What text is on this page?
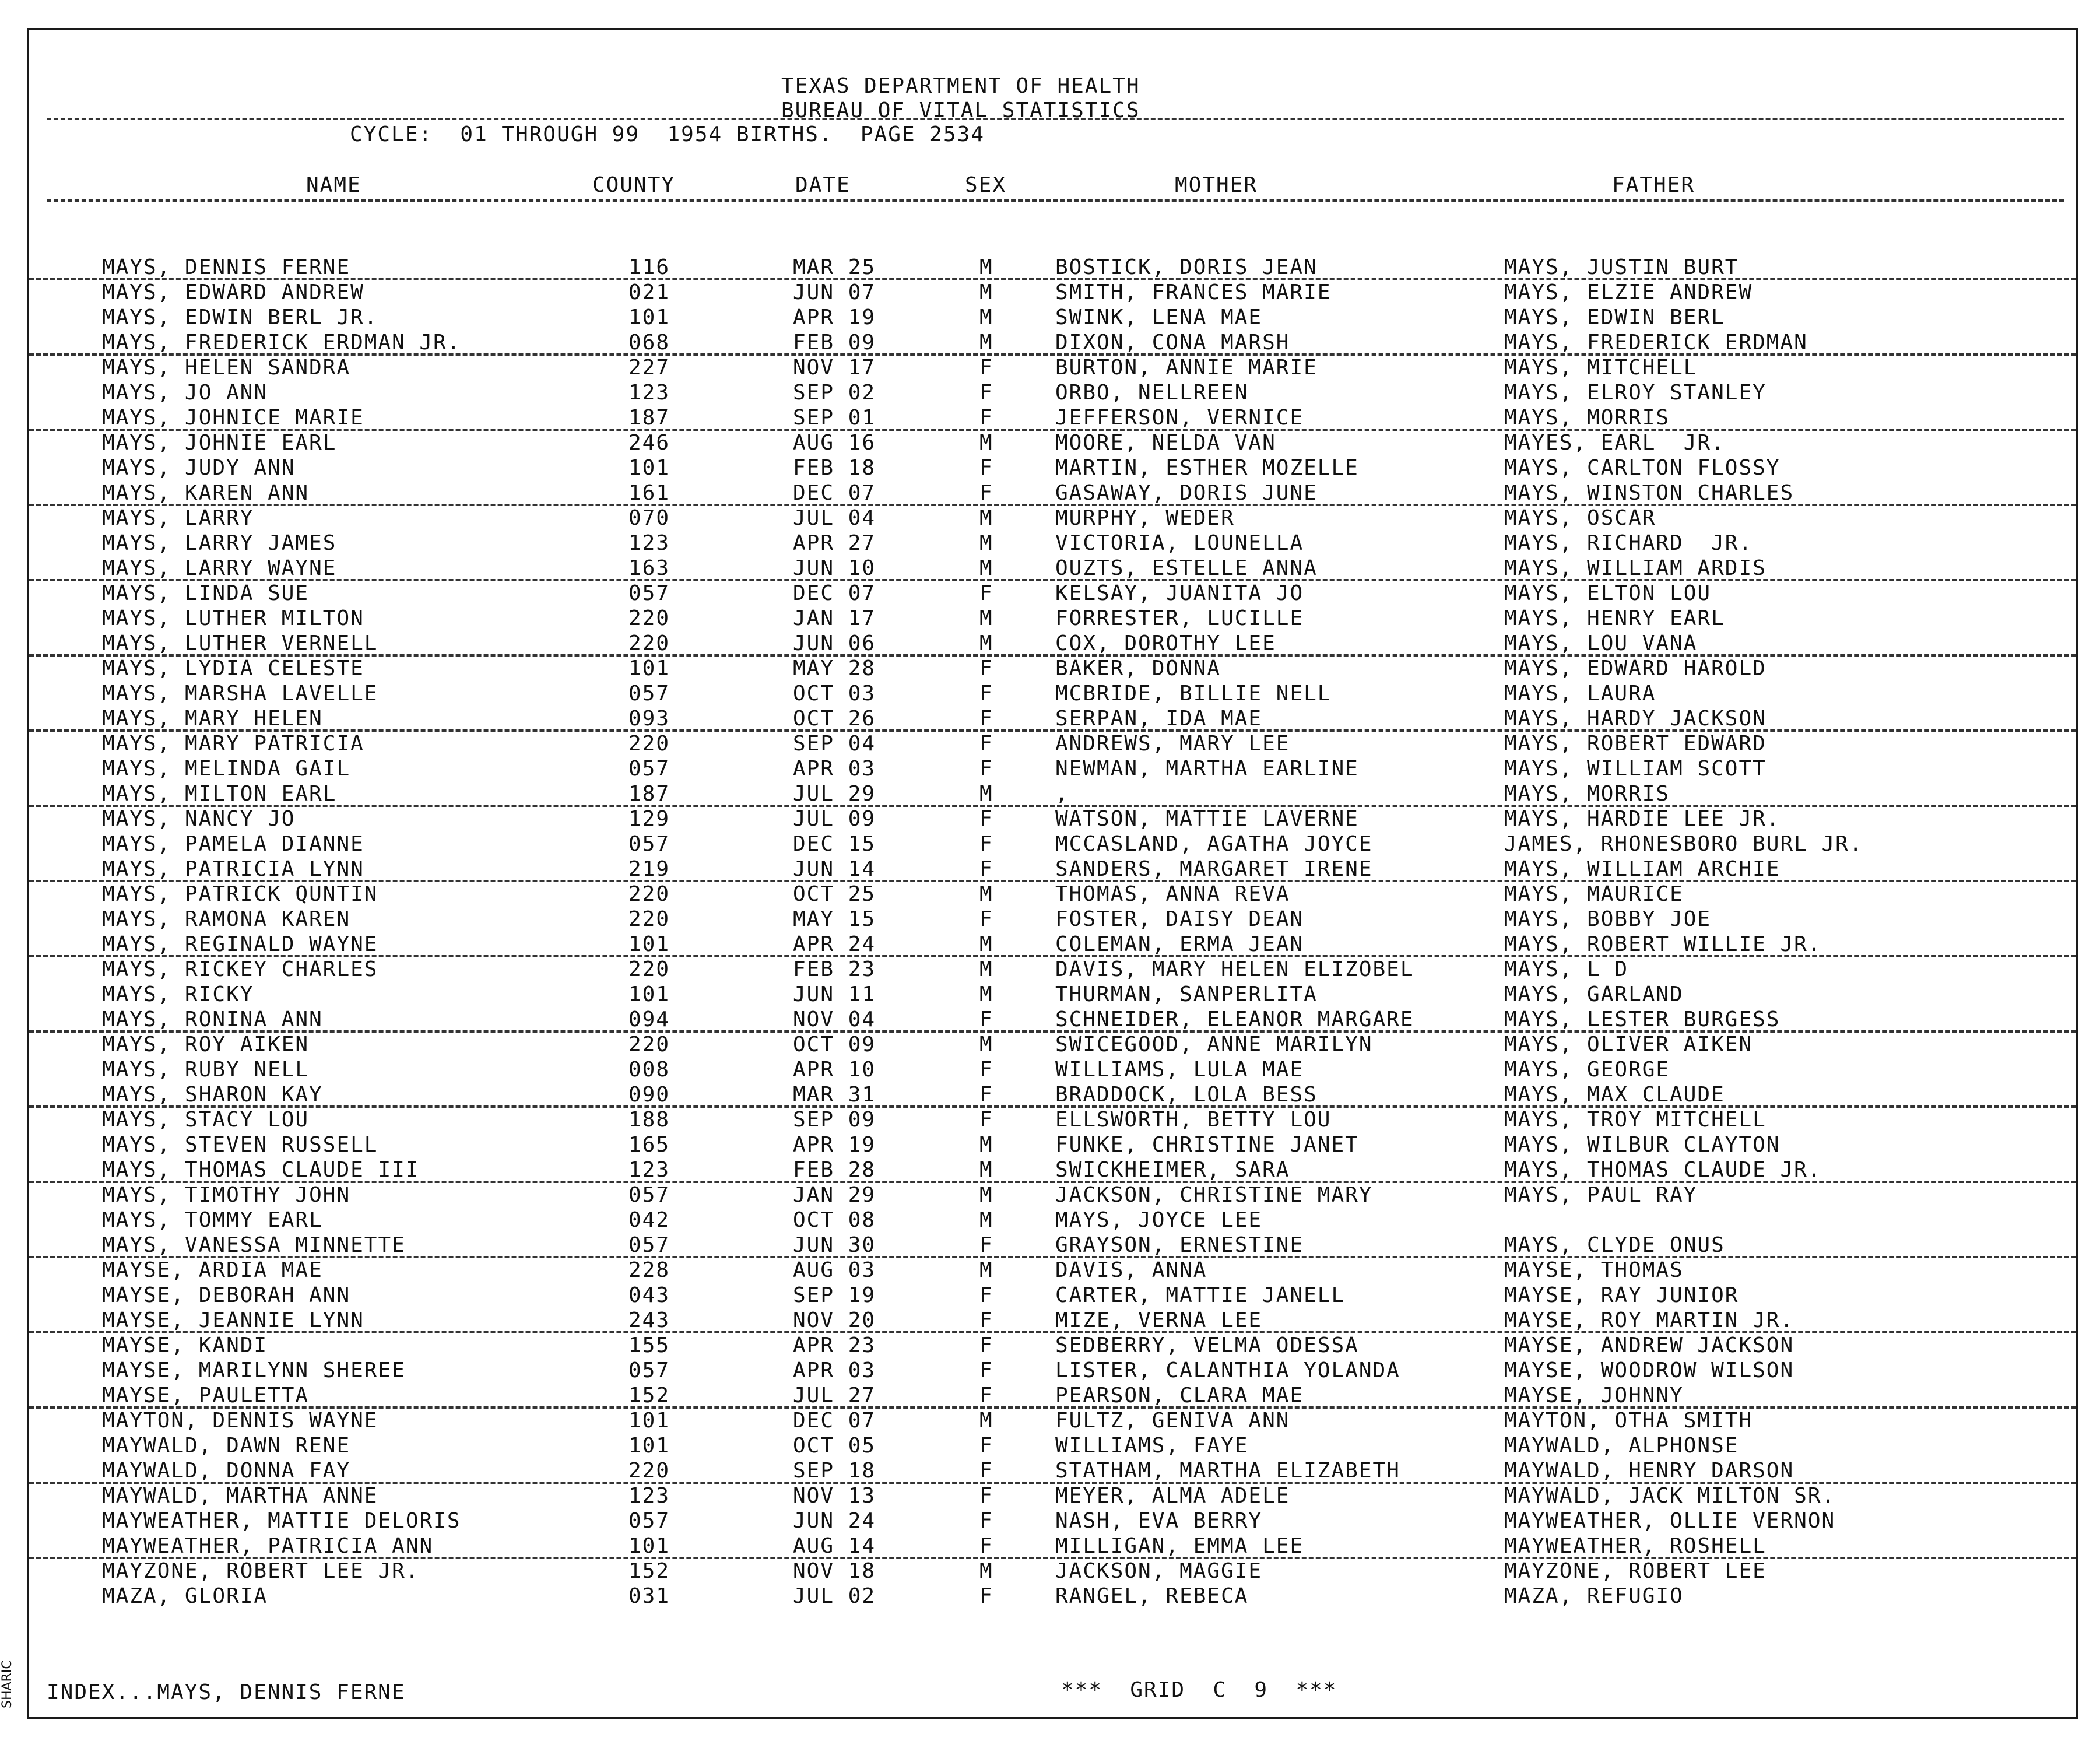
TEXAS DEPARTMENT OF HEALTH
BUREAU OF VITAL STATISTICS
CYCLE:  01 THROUGH 99  1954 BIRTHS.  PAGE 2534
NAME	COUNTY	DATE	SEX	MOTHER	FATHER
MAYS, DENNIS FERNE	116	MAR 25	M	BOSTICK, DORIS JEAN	MAYS, JUSTIN BURT
MAYS, EDWARD ANDREW	021	JUN 07	M	SMITH, FRANCES MARIE	MAYS, ELZIE ANDREW
MAYS, EDWIN BERL JR.	101	APR 19	M	SWINK, LENA MAE	MAYS, EDWIN BERL
MAYS, FREDERICK ERDMAN JR.	068	FEB 09	M	DIXON, CONA MARSH	MAYS, FREDERICK ERDMAN
MAYS, HELEN SANDRA	227	NOV 17	F	BURTON, ANNIE MARIE	MAYS, MITCHELL
MAYS, JO ANN	123	SEP 02	F	ORBO, NELLREEN	MAYS, ELROY STANLEY
MAYS, JOHNICE MARIE	187	SEP 01	F	JEFFERSON, VERNICE	MAYS, MORRIS
MAYS, JOHNIE EARL	246	AUG 16	M	MOORE, NELDA VAN	MAYES, EARL  JR.
MAYS, JUDY ANN	101	FEB 18	F	MARTIN, ESTHER MOZELLE	MAYS, CARLTON FLOSSY
MAYS, KAREN ANN	161	DEC 07	F	GASAWAY, DORIS JUNE	MAYS, WINSTON CHARLES
MAYS, LARRY	070	JUL 04	M	MURPHY, WEDER	MAYS, OSCAR
MAYS, LARRY JAMES	123	APR 27	M	VICTORIA, LOUNELLA	MAYS, RICHARD  JR.
MAYS, LARRY WAYNE	163	JUN 10	M	OUZTS, ESTELLE ANNA	MAYS, WILLIAM ARDIS
MAYS, LINDA SUE	057	DEC 07	F	KELSAY, JUANITA JO	MAYS, ELTON LOU
MAYS, LUTHER MILTON	220	JAN 17	M	FORRESTER, LUCILLE	MAYS, HENRY EARL
MAYS, LUTHER VERNELL	220	JUN 06	M	COX, DOROTHY LEE	MAYS, LOU VANA
MAYS, LYDIA CELESTE	101	MAY 28	F	BAKER, DONNA	MAYS, EDWARD HAROLD
MAYS, MARSHA LAVELLE	057	OCT 03	F	MCBRIDE, BILLIE NELL	MAYS, LAURA
MAYS, MARY HELEN	093	OCT 26	F	SERPAN, IDA MAE	MAYS, HARDY JACKSON
MAYS, MARY PATRICIA	220	SEP 04	F	ANDREWS, MARY LEE	MAYS, ROBERT EDWARD
MAYS, MELINDA GAIL	057	APR 03	F	NEWMAN, MARTHA EARLINE	MAYS, WILLIAM SCOTT
MAYS, MILTON EARL	187	JUL 29	M	,	MAYS, MORRIS
MAYS, NANCY JO	129	JUL 09	F	WATSON, MATTIE LAVERNE	MAYS, HARDIE LEE JR.
MAYS, PAMELA DIANNE	057	DEC 15	F	MCCASLAND, AGATHA JOYCE	JAMES, RHONESBORO BURL JR.
MAYS, PATRICIA LYNN	219	JUN 14	F	SANDERS, MARGARET IRENE	MAYS, WILLIAM ARCHIE
MAYS, PATRICK QUNTIN	220	OCT 25	M	THOMAS, ANNA REVA	MAYS, MAURICE
MAYS, RAMONA KAREN	220	MAY 15	F	FOSTER, DAISY DEAN	MAYS, BOBBY JOE
MAYS, REGINALD WAYNE	101	APR 24	M	COLEMAN, ERMA JEAN	MAYS, ROBERT WILLIE JR.
MAYS, RICKEY CHARLES	220	FEB 23	M	DAVIS, MARY HELEN ELIZOBEL	MAYS, L D
MAYS, RICKY	101	JUN 11	M	THURMAN, SANPERLITA	MAYS, GARLAND
MAYS, RONINA ANN	094	NOV 04	F	SCHNEIDER, ELEANOR MARGARE	MAYS, LESTER BURGESS
MAYS, ROY AIKEN	220	OCT 09	M	SWICEGOOD, ANNE MARILYN	MAYS, OLIVER AIKEN
MAYS, RUBY NELL	008	APR 10	F	WILLIAMS, LULA MAE	MAYS, GEORGE
MAYS, SHARON KAY	090	MAR 31	F	BRADDOCK, LOLA BESS	MAYS, MAX CLAUDE
MAYS, STACY LOU	188	SEP 09	F	ELLSWORTH, BETTY LOU	MAYS, TROY MITCHELL
MAYS, STEVEN RUSSELL	165	APR 19	M	FUNKE, CHRISTINE JANET	MAYS, WILBUR CLAYTON
MAYS, THOMAS CLAUDE III	123	FEB 28	M	SWICKHEIMER, SARA	MAYS, THOMAS CLAUDE JR.
MAYS, TIMOTHY JOHN	057	JAN 29	M	JACKSON, CHRISTINE MARY	MAYS, PAUL RAY
MAYS, TOMMY EARL	042	OCT 08	M	MAYS, JOYCE LEE
MAYS, VANESSA MINNETTE	057	JUN 30	F	GRAYSON, ERNESTINE	MAYS, CLYDE ONUS
MAYSE, ARDIA MAE	228	AUG 03	M	DAVIS, ANNA	MAYSE, THOMAS
MAYSE, DEBORAH ANN	043	SEP 19	F	CARTER, MATTIE JANELL	MAYSE, RAY JUNIOR
MAYSE, JEANNIE LYNN	243	NOV 20	F	MIZE, VERNA LEE	MAYSE, ROY MARTIN JR.
MAYSE, KANDI	155	APR 23	F	SEDBERRY, VELMA ODESSA	MAYSE, ANDREW JACKSON
MAYSE, MARILYNN SHEREE	057	APR 03	F	LISTER, CALANTHIA YOLANDA	MAYSE, WOODROW WILSON
MAYSE, PAULETTA	152	JUL 27	F	PEARSON, CLARA MAE	MAYSE, JOHNNY
MAYTON, DENNIS WAYNE	101	DEC 07	M	FULTZ, GENIVA ANN	MAYTON, OTHA SMITH
MAYWALD, DAWN RENE	101	OCT 05	F	WILLIAMS, FAYE	MAYWALD, ALPHONSE
MAYWALD, DONNA FAY	220	SEP 18	F	STATHAM, MARTHA ELIZABETH	MAYWALD, HENRY DARSON
MAYWALD, MARTHA ANNE	123	NOV 13	F	MEYER, ALMA ADELE	MAYWALD, JACK MILTON SR.
MAYWEATHER, MATTIE DELORIS	057	JUN 24	F	NASH, EVA BERRY	MAYWEATHER, OLLIE VERNON
MAYWEATHER, PATRICIA ANN	101	AUG 14	F	MILLIGAN, EMMA LEE	MAYWEATHER, ROSHELL
MAYZONE, ROBERT LEE JR.	152	NOV 18	M	JACKSON, MAGGIE	MAYZONE, ROBERT LEE
MAZA, GLORIA	031	JUL 02	F	RANGEL, REBECA	MAZA, REFUGIO
INDEX...MAYS, DENNIS FERNE	***  GRID  C  9  ***
SHARIC
